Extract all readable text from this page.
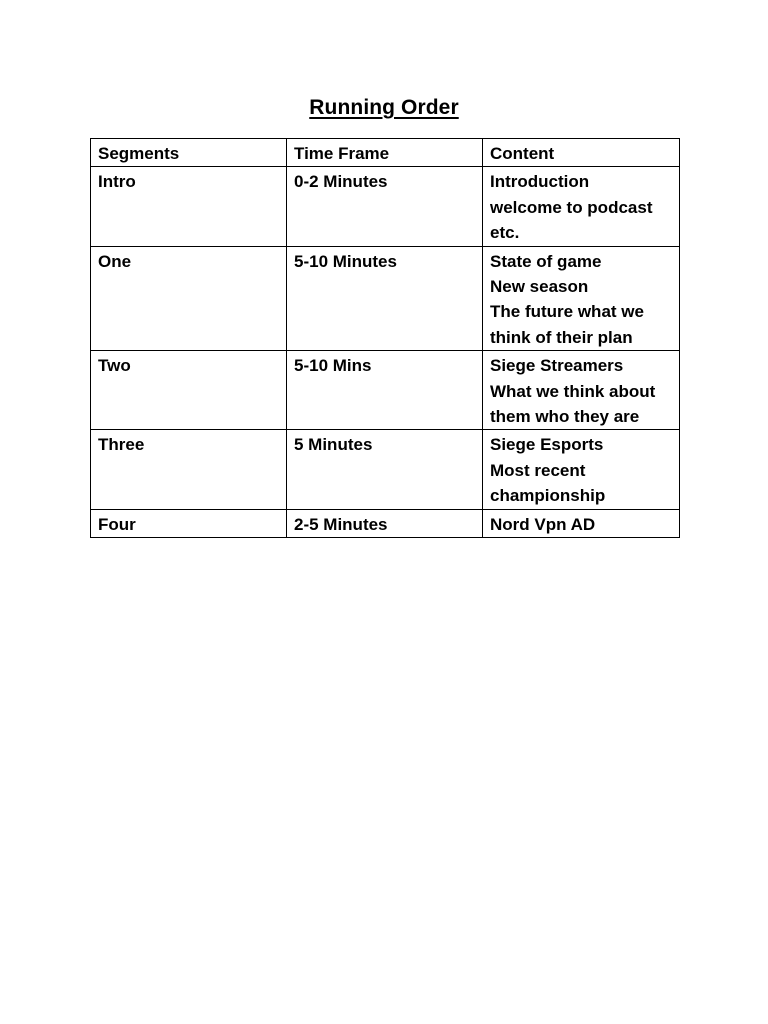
Running Order
Segments	Time Frame	Content
Intro	0-2 Minutes	Introduction
welcome to podcast
etc.

One	5-10 Minutes	State of game
New season
The future what we
think of their plan

Two	5-10 Mins	Siege Streamers
What we think about
them who they are

Three	5 Minutes	Siege Esports
Most recent
championship

Four	2-5 Minutes	Nord Vpn AD
